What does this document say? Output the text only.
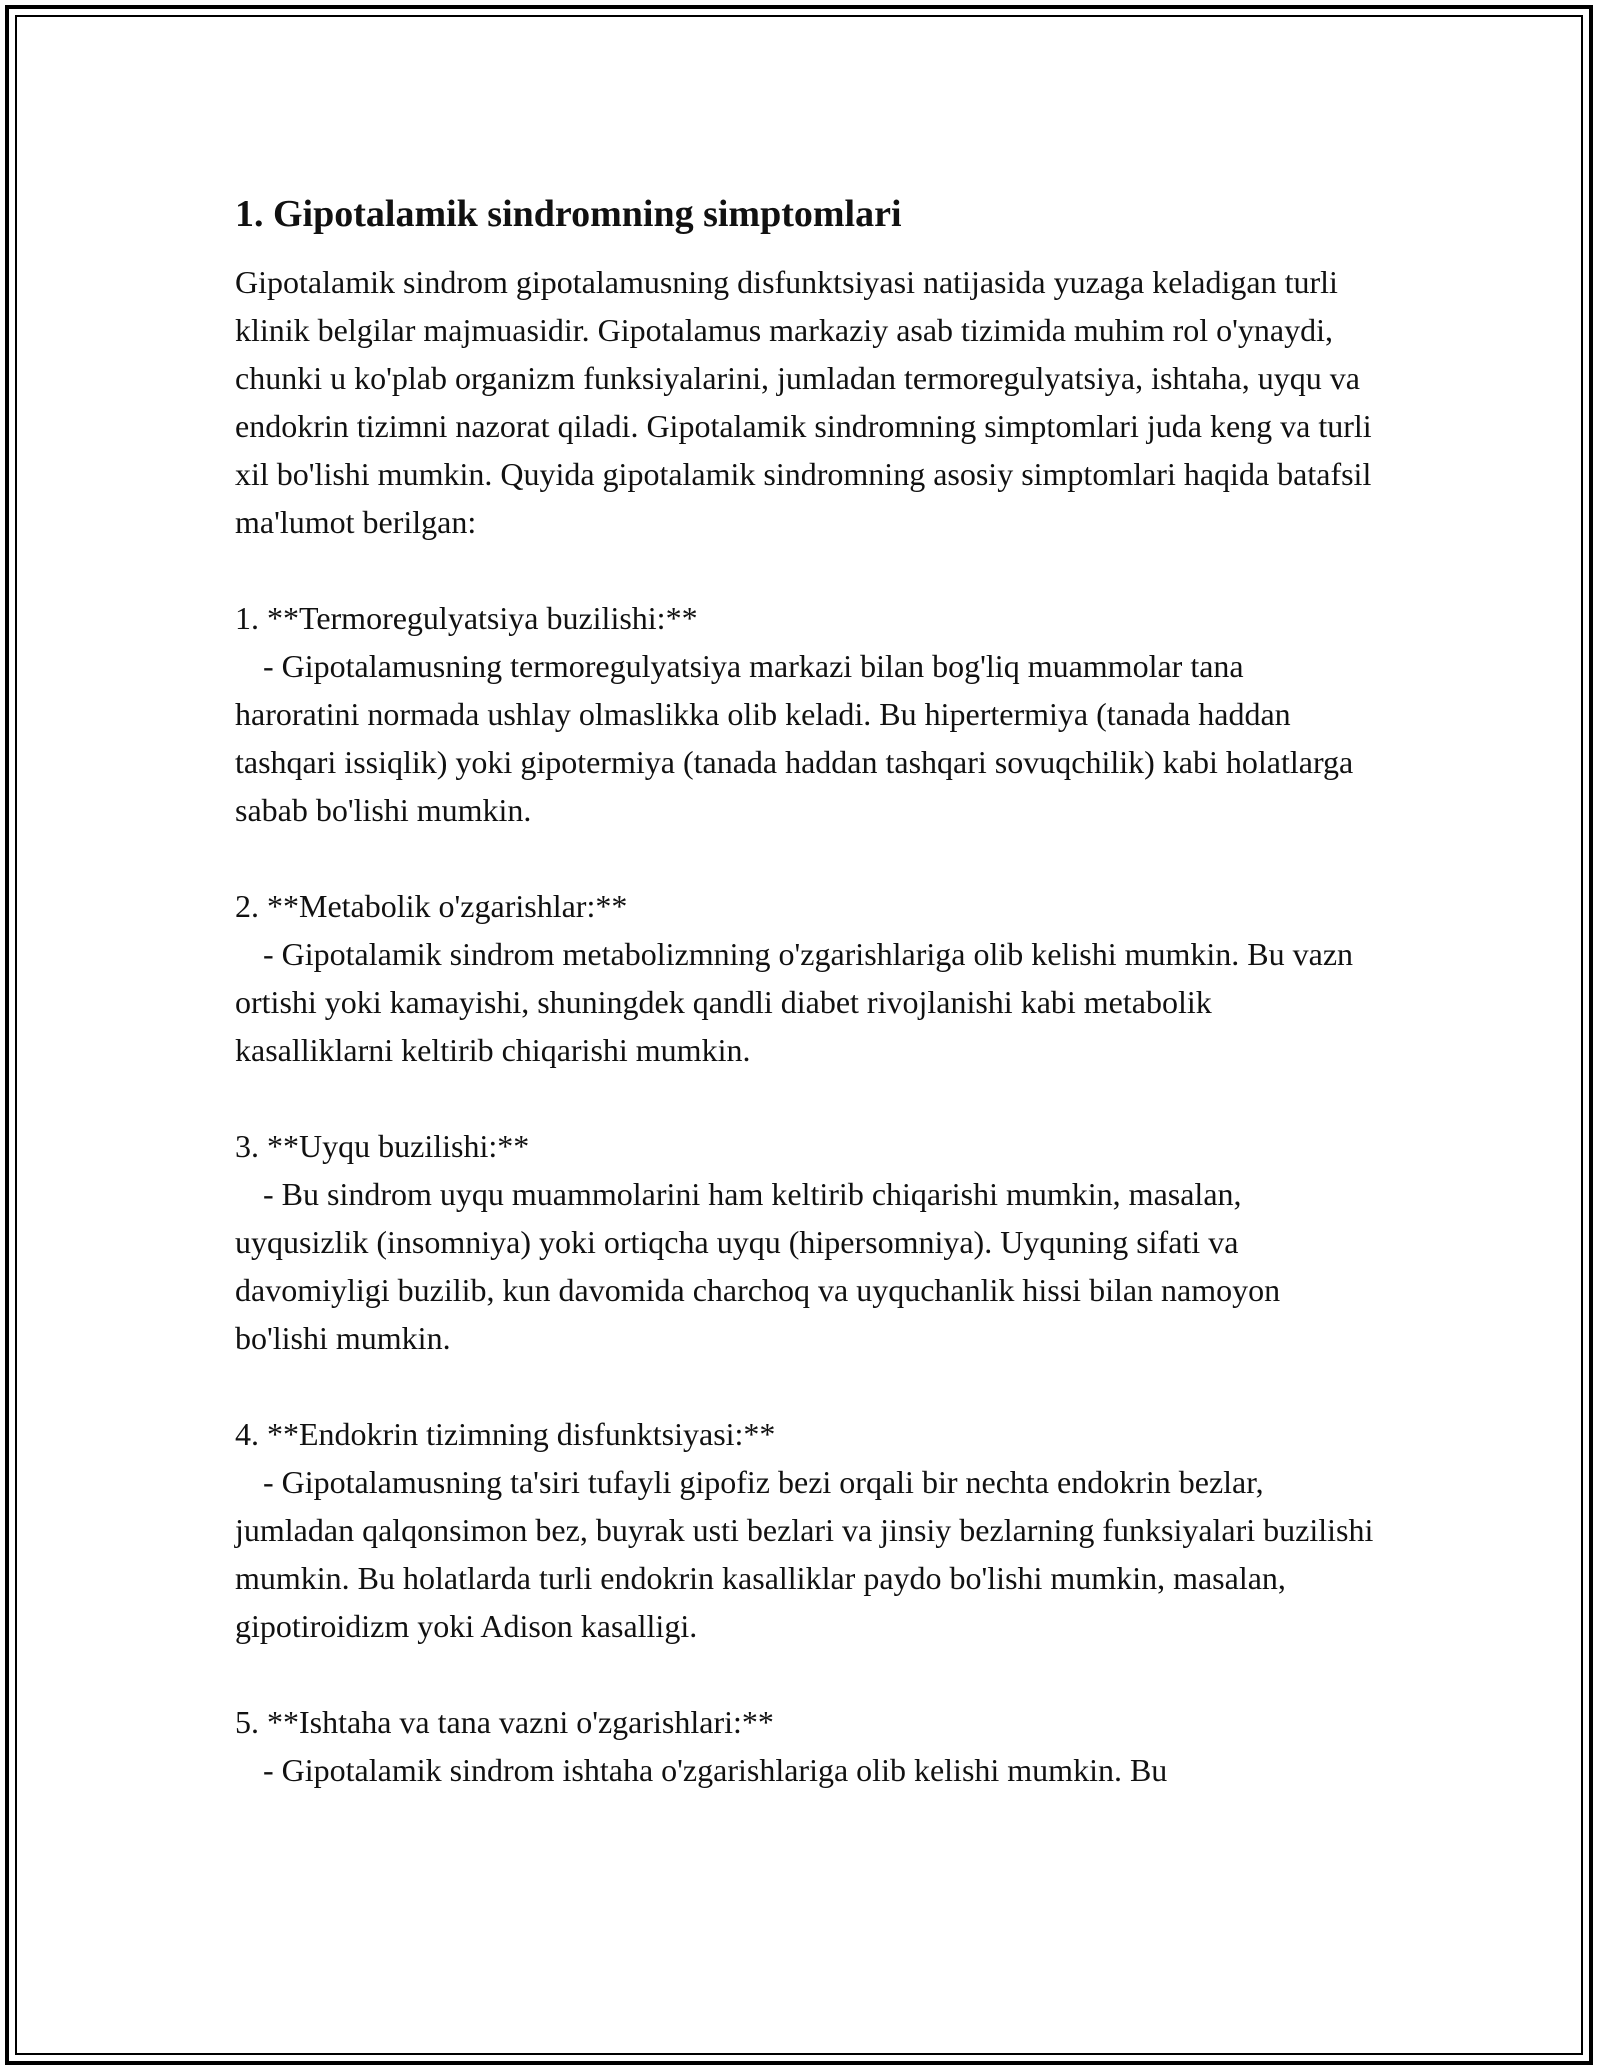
1. Gipotalamik sindromning simptomlari

Gipotalamik sindrom gipotalamusning disfunktsiyasi natijasida yuzaga keladigan turli klinik belgilar majmuasidir. Gipotalamus markaziy asab tizimida muhim rol o'ynaydi, chunki u ko'plab organizm funksiyalarini, jumladan termoregulyatsiya, ishtaha, uyqu va endokrin tizimni nazorat qiladi. Gipotalamik sindromning simptomlari juda keng va turli xil bo'lishi mumkin. Quyida gipotalamik sindromning asosiy simptomlari haqida batafsil ma'lumot berilgan:

1. **Termoregulyatsiya buzilishi:**

- Gipotalamusning termoregulyatsiya markazi bilan bog'liq muammolar tana haroratini normada ushlay olmaslikka olib keladi. Bu hipertermiya (tanada haddan tashqari issiqlik) yoki gipotermiya (tanada haddan tashqari sovuqchilik) kabi holatlarga sabab bo'lishi mumkin.

2. **Metabolik o'zgarishlar:**

- Gipotalamik sindrom metabolizmning o'zgarishlariga olib kelishi mumkin. Bu vazn ortishi yoki kamayishi, shuningdek qandli diabet rivojlanishi kabi metabolik kasalliklarni keltirib chiqarishi mumkin.

3. **Uyqu buzilishi:**

- Bu sindrom uyqu muammolarini ham keltirib chiqarishi mumkin, masalan, uyqusizlik (insomniya) yoki ortiqcha uyqu (hipersomniya). Uyquning sifati va davomiyligi buzilib, kun davomida charchoq va uyquchanlik hissi bilan namoyon bo'lishi mumkin.

4. **Endokrin tizimning disfunktsiyasi:**

- Gipotalamusning ta'siri tufayli gipofiz bezi orqali bir nechta endokrin bezlar, jumladan qalqonsimon bez, buyrak usti bezlari va jinsiy bezlarning funksiyalari buzilishi mumkin. Bu holatlarda turli endokrin kasalliklar paydo bo'lishi mumkin, masalan, gipotiroidizm yoki Adison kasalligi.

5. **Ishtaha va tana vazni o'zgarishlari:**

- Gipotalamik sindrom ishtaha o'zgarishlariga olib kelishi mumkin. Bu
